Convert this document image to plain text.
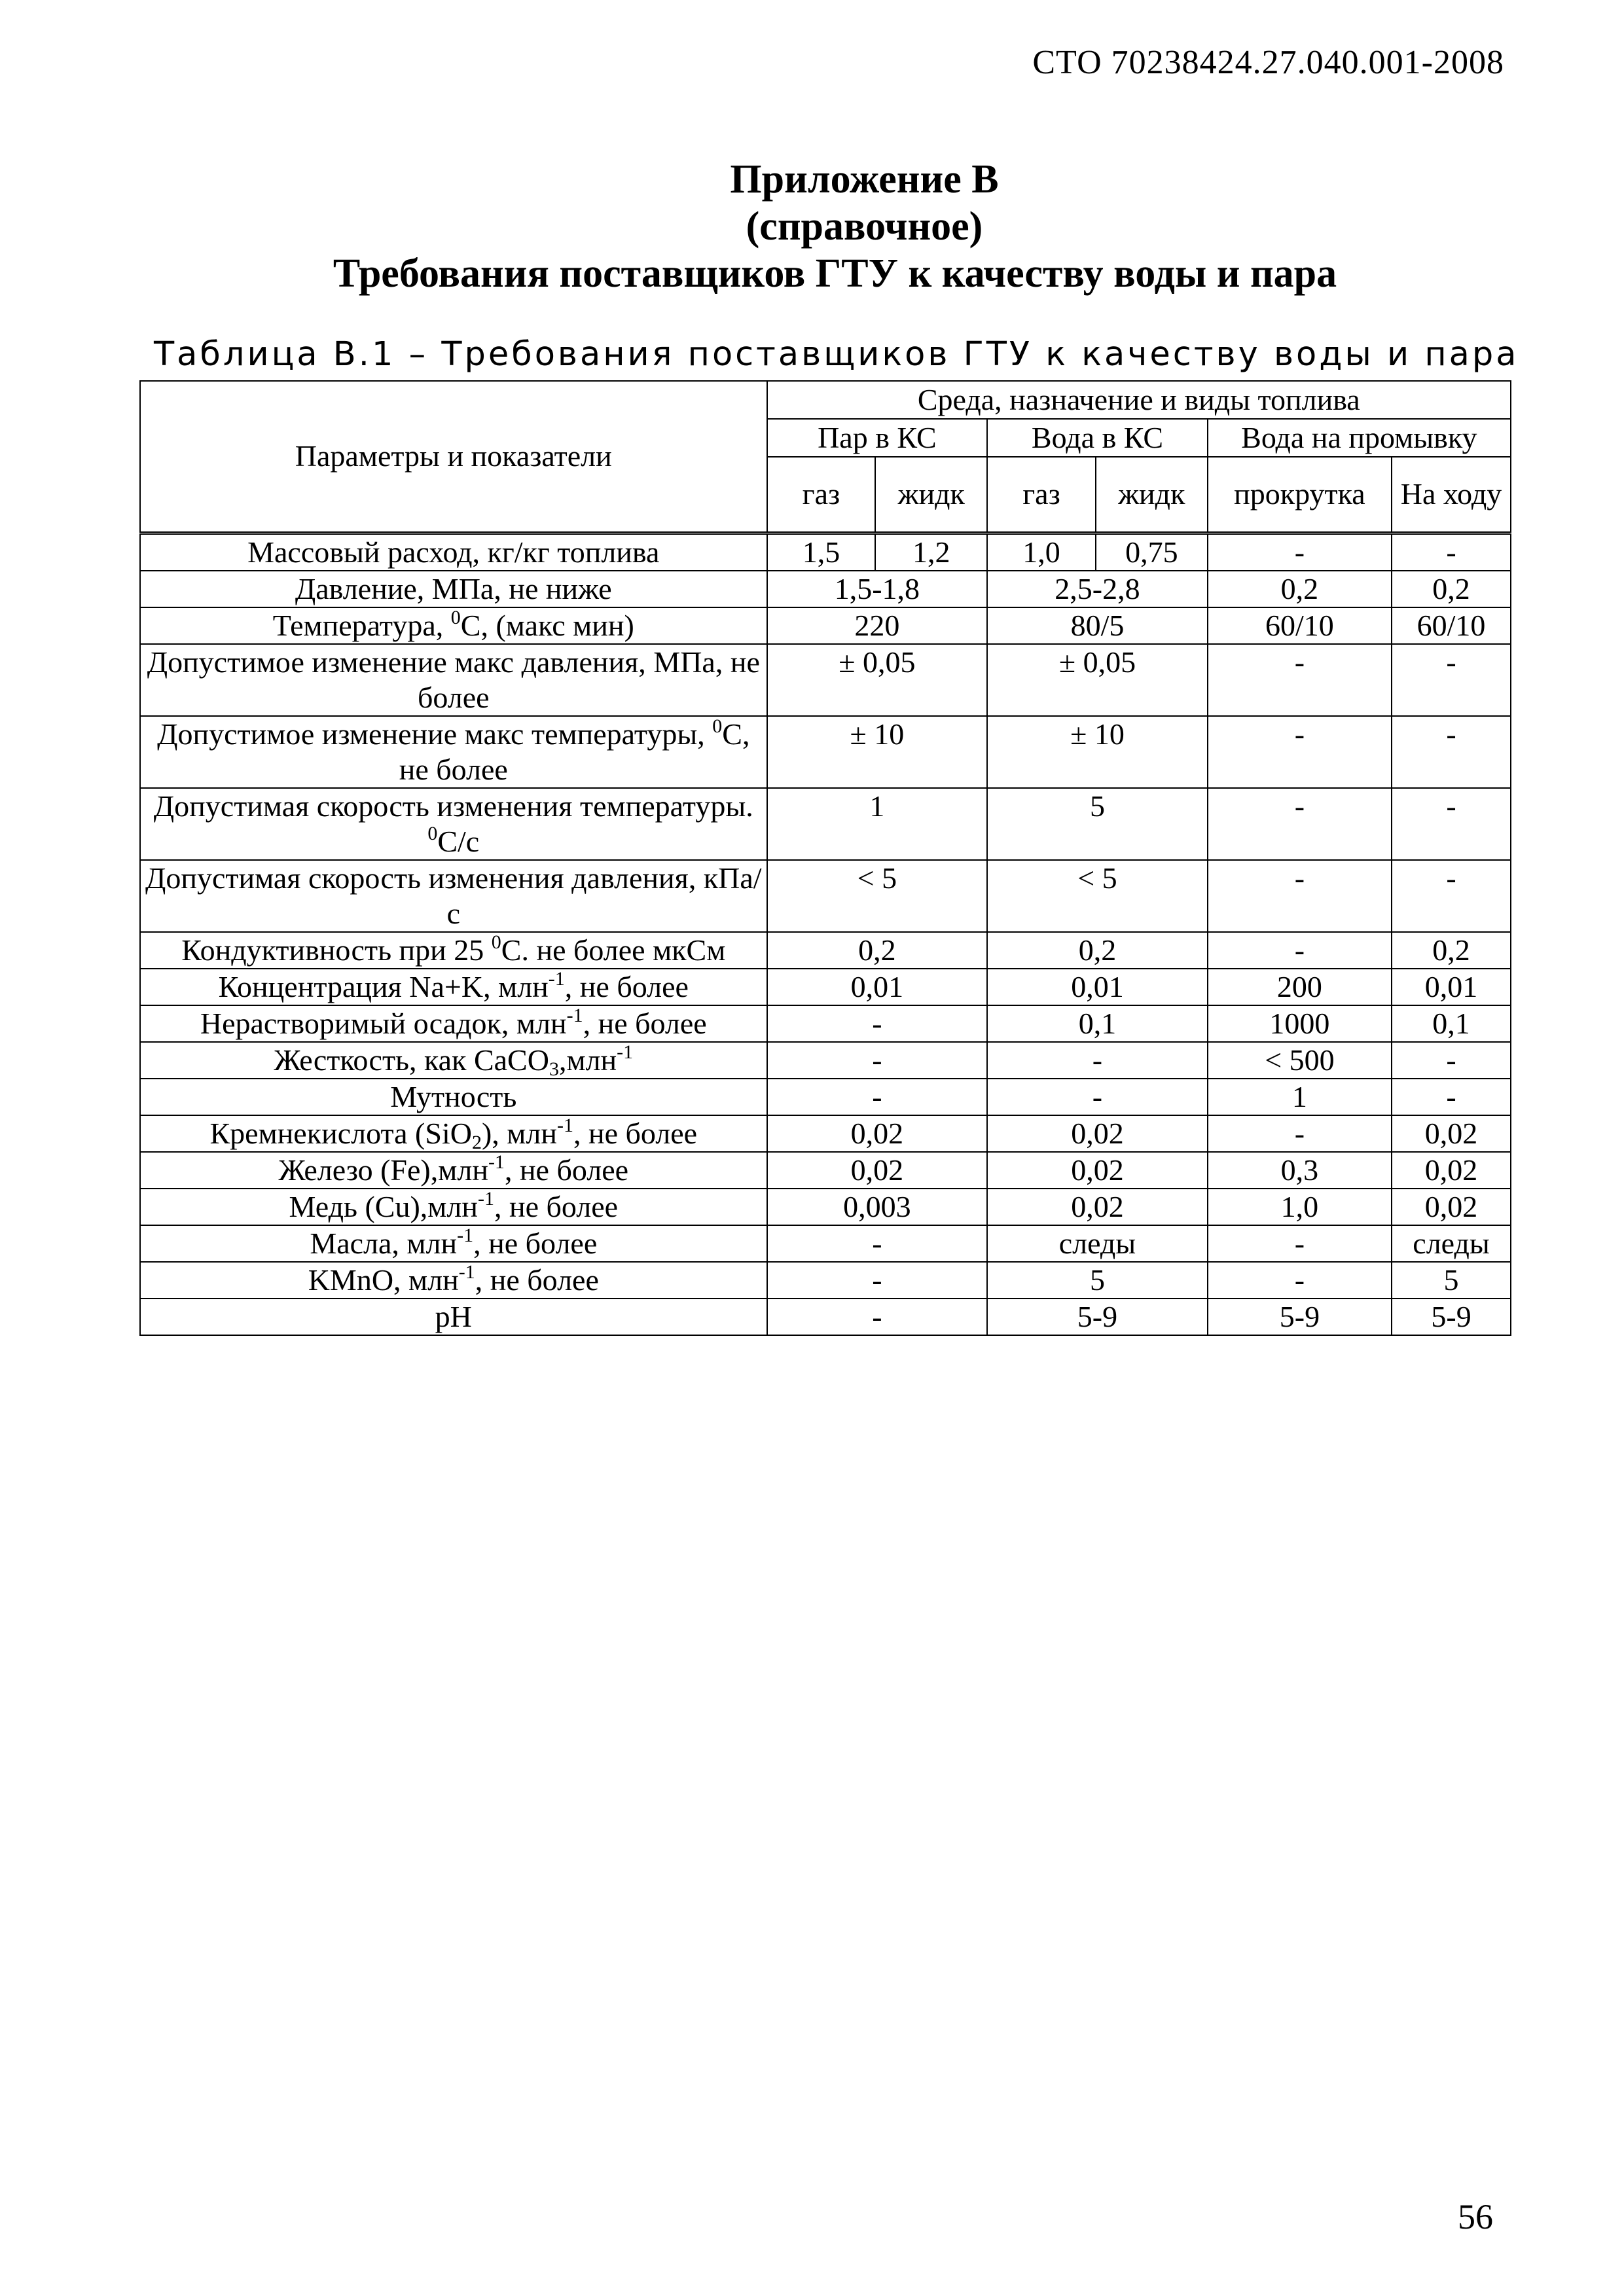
СТО 70238424.27.040.001-2008
Приложение В
(справочное)
Требования поставщиков ГТУ к качеству воды и пара
Таблица В.1 – Требования поставщиков ГТУ к качеству воды и пара
Параметры и показатели	Среда, назначение и виды топлива					
	Пар в КС		Вода в КС		Вода на промывку	
	газ	жидк	газ	жидк	прокрутка	На ходу
Массовый расход, кг/кг топлива	1,5	1,2	1,0	0,75	-	-
Давление, МПа, не ниже	1,5-1,8		2,5-2,8		0,2	0,2
Температура, $^0$С, (макс мин)	220		80/5		60/10	60/10
Допустимое изменение макс давления, МПа, не более	± 0,05		± 0,05		-	-
Допустимое изменение макс температуры, $^0$С, не более	± 10		± 10		-	-
Допустимая скорость изменения температуры. $^0$С/с	1		5		-	-
Допустимая скорость изменения давления, кПа/с	< 5		< 5		-	-
Кондуктивность при 25 $^0$С. не более мкСм	0,2		0,2		-	0,2
Концентрация Na+K, млн$^{-1}$, не более	0,01		0,01		200	0,01
Нерастворимый осадок, млн$^{-1}$, не более	-		0,1		1000	0,1
Жесткость, как CaCO$_3$,млн$^{-1}$	-		-		< 500	-
Мутность	-		-		1	-
Кремнекислота (SiO$_2$), млн$^{-1}$, не более	0,02		0,02		-	0,02
Железо (Fe),млн$^{-1}$, не более	0,02		0,02		0,3	0,02
Медь (Cu),млн$^{-1}$, не более	0,003		0,02		1,0	0,02
Масла, млн$^{-1}$, не более	-		следы		-	следы
KMnO, млн$^{-1}$, не более	-		5		-	5
pH	-		5-9		5-9	5-9
56
